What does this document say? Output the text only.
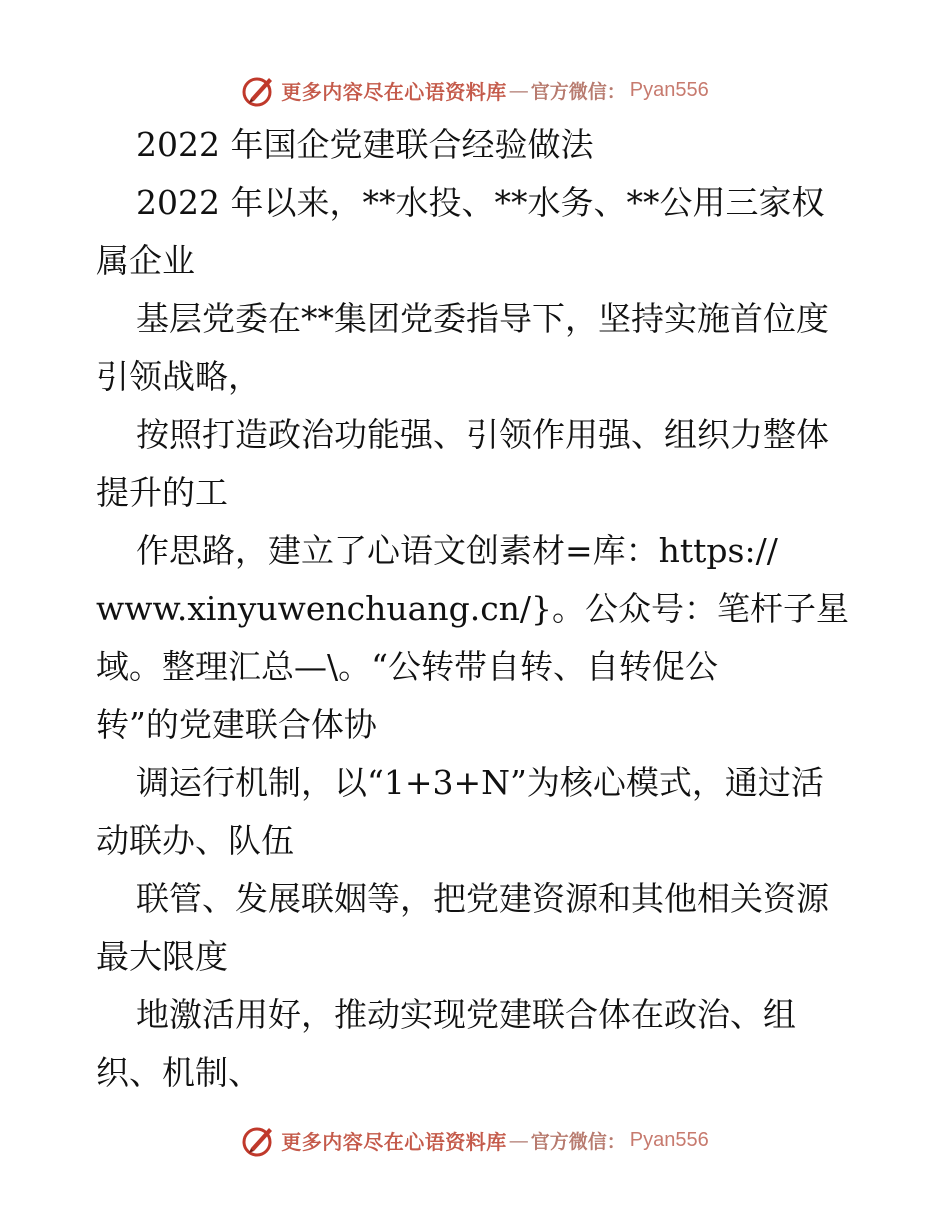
更多内容尽在心语资料库 — 官方微信： Pyan556
2022 年国企党建联合经验做法
2022 年以来，**水投、**水务、**公用三家权
属企业
基层党委在**集团党委指导下，坚持实施首位度
引领战略，
按照打造政治功能强、引领作用强、组织力整体
提升的工
作思路，建立了心语文创素材=库：https://
www.xinyuwenchuang.cn/}。公众号：笔杆子星
域。整理汇总—\。“公转带自转、自转促公
转”的党建联合体协
调运行机制，以“1+3+N”为核心模式，通过活
动联办、队伍
联管、发展联姻等，把党建资源和其他相关资源
最大限度
地激活用好，推动实现党建联合体在政治、组
织、机制、
更多内容尽在心语资料库 — 官方微信： Pyan556
